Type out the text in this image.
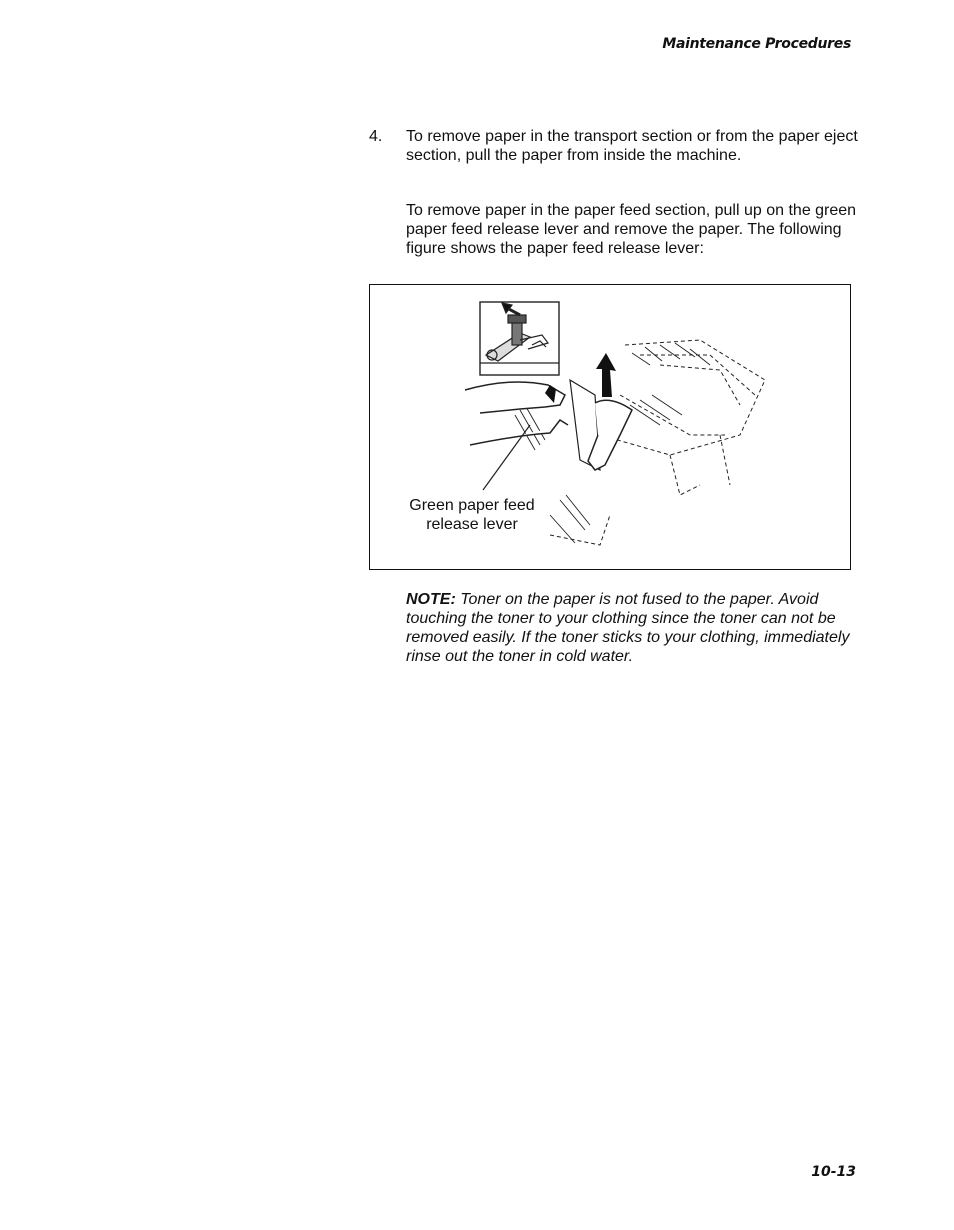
Maintenance Procedures
4. To remove paper in the transport section or from the paper eject section, pull the paper from inside the machine.
To remove paper in the paper feed section, pull up on the green paper feed release lever and remove the paper. The following figure shows the paper feed release lever:
Green paper feed release lever
NOTE: Toner on the paper is not fused to the paper. Avoid touching the toner to your clothing since the toner can not be removed easily. If the toner sticks to your clothing, immediately rinse out the toner in cold water.
10-13
